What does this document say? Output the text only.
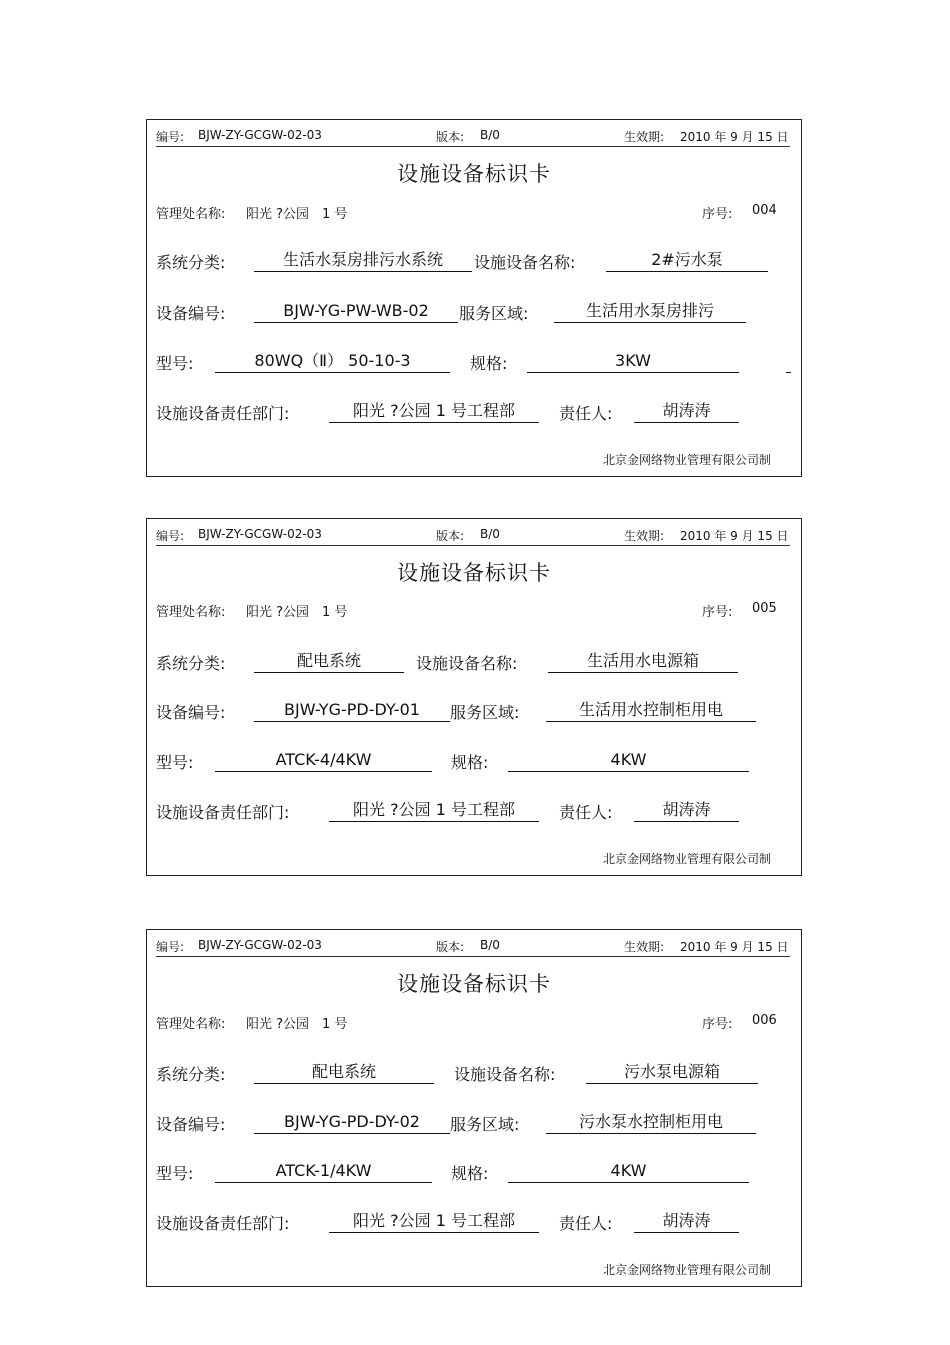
编号: BJW-ZY-GCGW-02-03	版本: B/0	生效期: 2010 年 9 月 15 日
设施设备标识卡
管理处名称: 阳光 ?公园　1 号	序号: 004
系统分类:	生活水泵房排污水系统	设施设备名称:	2#污水泵
设备编号:	BJW-YG-PW-WB-02	服务区域:	生活用水泵房排污
型号:	80WQ（Ⅱ） 50-10-3	规格:	3KW
设施设备责任部门:	阳光 ?公园 1 号工程部	责任人:	胡涛涛
北京金网络物业管理有限公司制
编号: BJW-ZY-GCGW-02-03	版本: B/0	生效期: 2010 年 9 月 15 日
设施设备标识卡
管理处名称: 阳光 ?公园　1 号	序号: 005
系统分类:	配电系统	设施设备名称:	生活用水电源箱
设备编号:	BJW-YG-PD-DY-01	服务区域:	生活用水控制柜用电
型号:	ATCK-4/4KW	规格:	4KW
设施设备责任部门:	阳光 ?公园 1 号工程部	责任人:	胡涛涛
北京金网络物业管理有限公司制
编号: BJW-ZY-GCGW-02-03	版本: B/0	生效期: 2010 年 9 月 15 日
设施设备标识卡
管理处名称: 阳光 ?公园　1 号	序号: 006
系统分类:	配电系统	设施设备名称:	污水泵电源箱
设备编号:	BJW-YG-PD-DY-02	服务区域:	污水泵水控制柜用电
型号:	ATCK-1/4KW	规格:	4KW
设施设备责任部门:	阳光 ?公园 1 号工程部	责任人:	胡涛涛
北京金网络物业管理有限公司制
